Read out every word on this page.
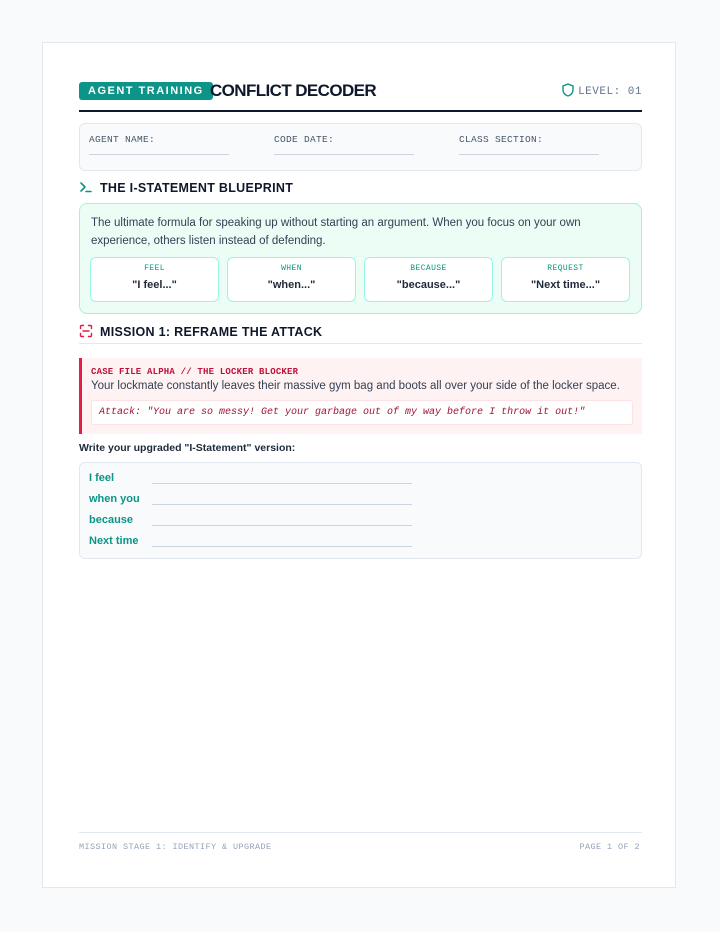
AGENT TRAINING CONFLICT DECODER	LEVEL: 01
AGENT NAME:	CODE DATE:	CLASS SECTION:
THE I-STATEMENT BLUEPRINT
The ultimate formula for speaking up without starting an argument. When you focus on your own experience, others listen instead of defending.
FEEL
"I feel..."
WHEN
"when..."
BECAUSE
"because..."
REQUEST
"Next time..."
MISSION 1: REFRAME THE ATTACK
CASE FILE ALPHA // THE LOCKER BLOCKER
Your lockmate constantly leaves their massive gym bag and boots all over your side of the locker space.
Attack: "You are so messy! Get your garbage out of my way before I throw it out!"
Write your upgraded "I-Statement" version:
I feel
when you
because
Next time
MISSION STAGE 1: IDENTIFY & UPGRADE	PAGE 1 OF 2
